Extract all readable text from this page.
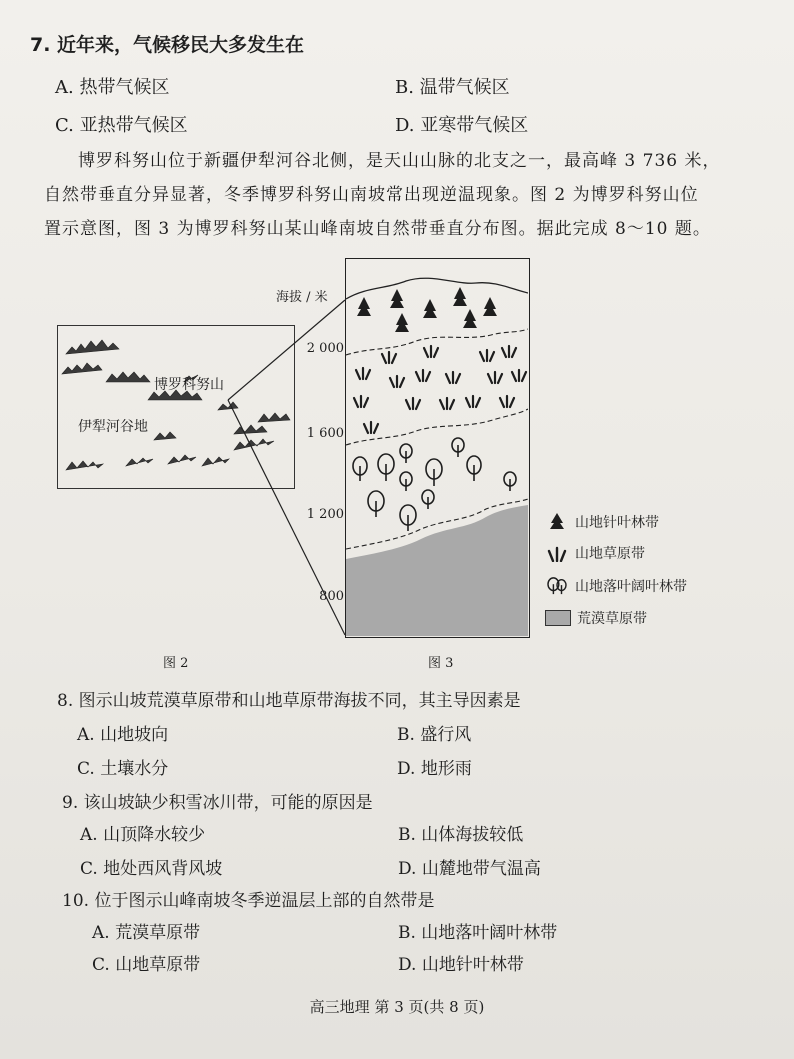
7. 近年来，气候移民大多发生在
A. 热带气候区	B. 温带气候区
C. 亚热带气候区	D. 亚寒带气候区
博罗科努山位于新疆伊犁河谷北侧，是天山山脉的北支之一，最高峰 3 736 米，
自然带垂直分异显著，冬季博罗科努山南坡常出现逆温现象。图 2 为博罗科努山位
置示意图，图 3 为博罗科努山某山峰南坡自然带垂直分布图。据此完成 8～10 题。
博罗科努山
伊犁河谷地
图 2
海拔 / 米
2 000
1 600
1 200
800
图 3
山地针叶林带
山地草原带
山地落叶阔叶林带
荒漠草原带
8. 图示山坡荒漠草原带和山地草原带海拔不同，其主导因素是
A. 山地坡向	B. 盛行风
C. 土壤水分	D. 地形雨
9. 该山坡缺少积雪冰川带，可能的原因是
A. 山顶降水较少	B. 山体海拔较低
C. 地处西风背风坡	D. 山麓地带气温高
10. 位于图示山峰南坡冬季逆温层上部的自然带是
A. 荒漠草原带	B. 山地落叶阔叶林带
C. 山地草原带	D. 山地针叶林带
高三地理 第 3 页(共 8 页)
